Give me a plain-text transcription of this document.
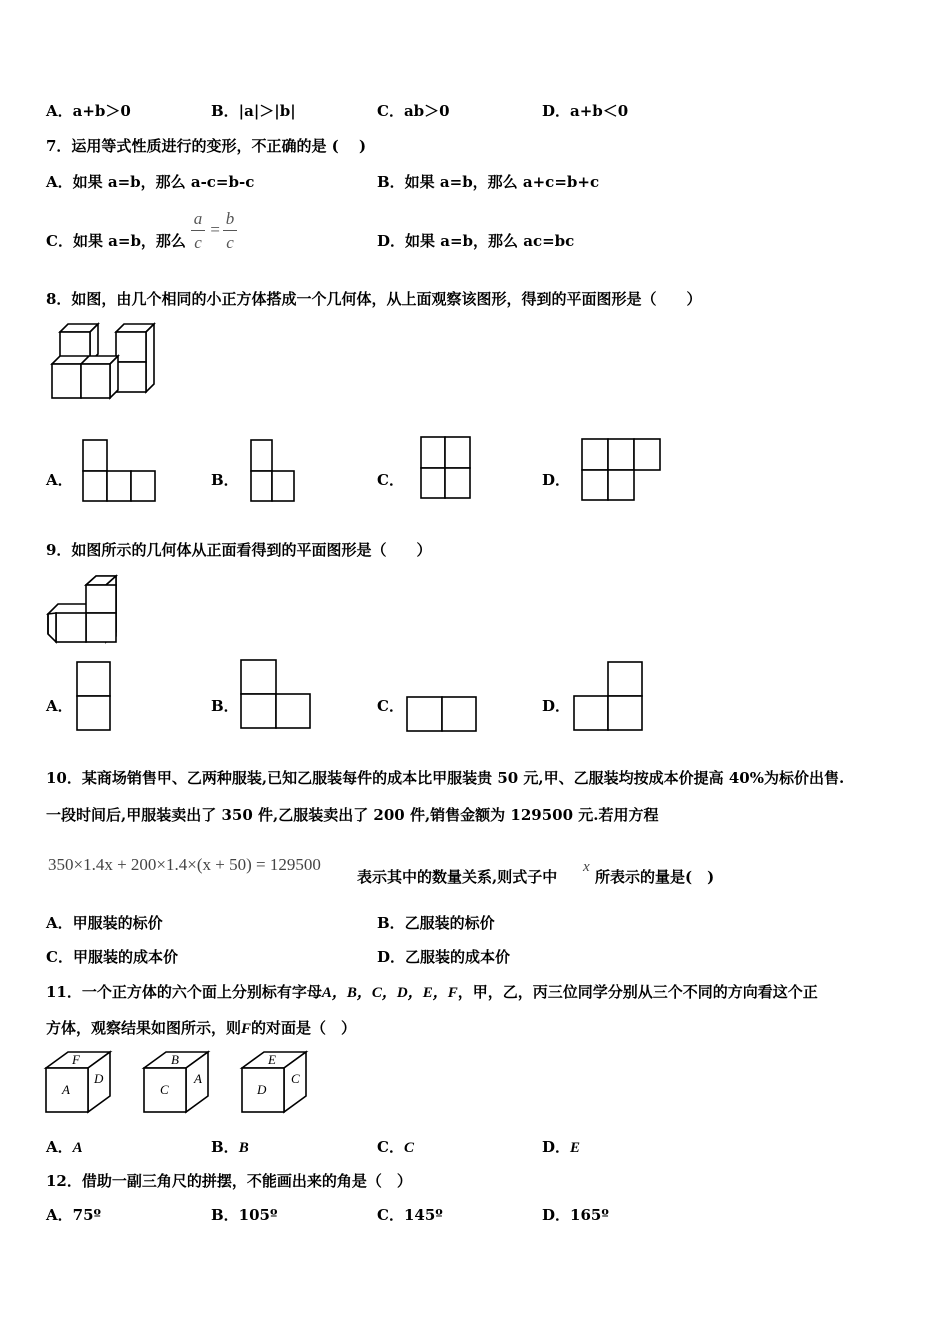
A．a+b＞0	B．|a|＞|b|	C．ab＞0	D．a+b＜0
7．运用等式性质进行的变形，不正确的是 (　 )
A．如果 a=b，那么 a-c=b-c	B．如果 a=b，那么 a+c=b+c
C．如果 a=b，那么
a
c
=
b
c	D．如果 a=b，那么 ac=bc
8．如图，由几个相同的小正方体搭成一个几何体，从上面观察该图形，得到的平面图形是（　　）
A．	B．	C．	D．
9．如图所示的几何体从正面看得到的平面图形是（　　）
A．	B．	C．	D．
10．某商场销售甲、乙两种服装,已知乙服装每件的成本比甲服装贵 50 元,甲、乙服装均按成本价提高 40%为标价出售.
一段时间后,甲服装卖出了 350 件,乙服装卖出了 200 件,销售金额为 129500 元.若用方程
350×1.4x + 200×1.4×(x + 50) = 129500
表示其中的数量关系,则式子中
x
所表示的量是(　)
A．甲服装的标价	B．乙服装的标价
C．甲服装的成本价	D．乙服装的成本价
11．一个正方体的六个面上分别标有字母A，B，C，D，E，F，甲，乙，丙三位同学分别从三个不同的方向看这个正
方体，观察结果如图所示，则F的对面是（　）
F
A
D
B
C
A
E
D
C
A．A	B．B	C．C	D．E
12．借助一副三角尺的拼摆，不能画出来的角是（　）
A．75º	B．105º	C．145º	D．165º
